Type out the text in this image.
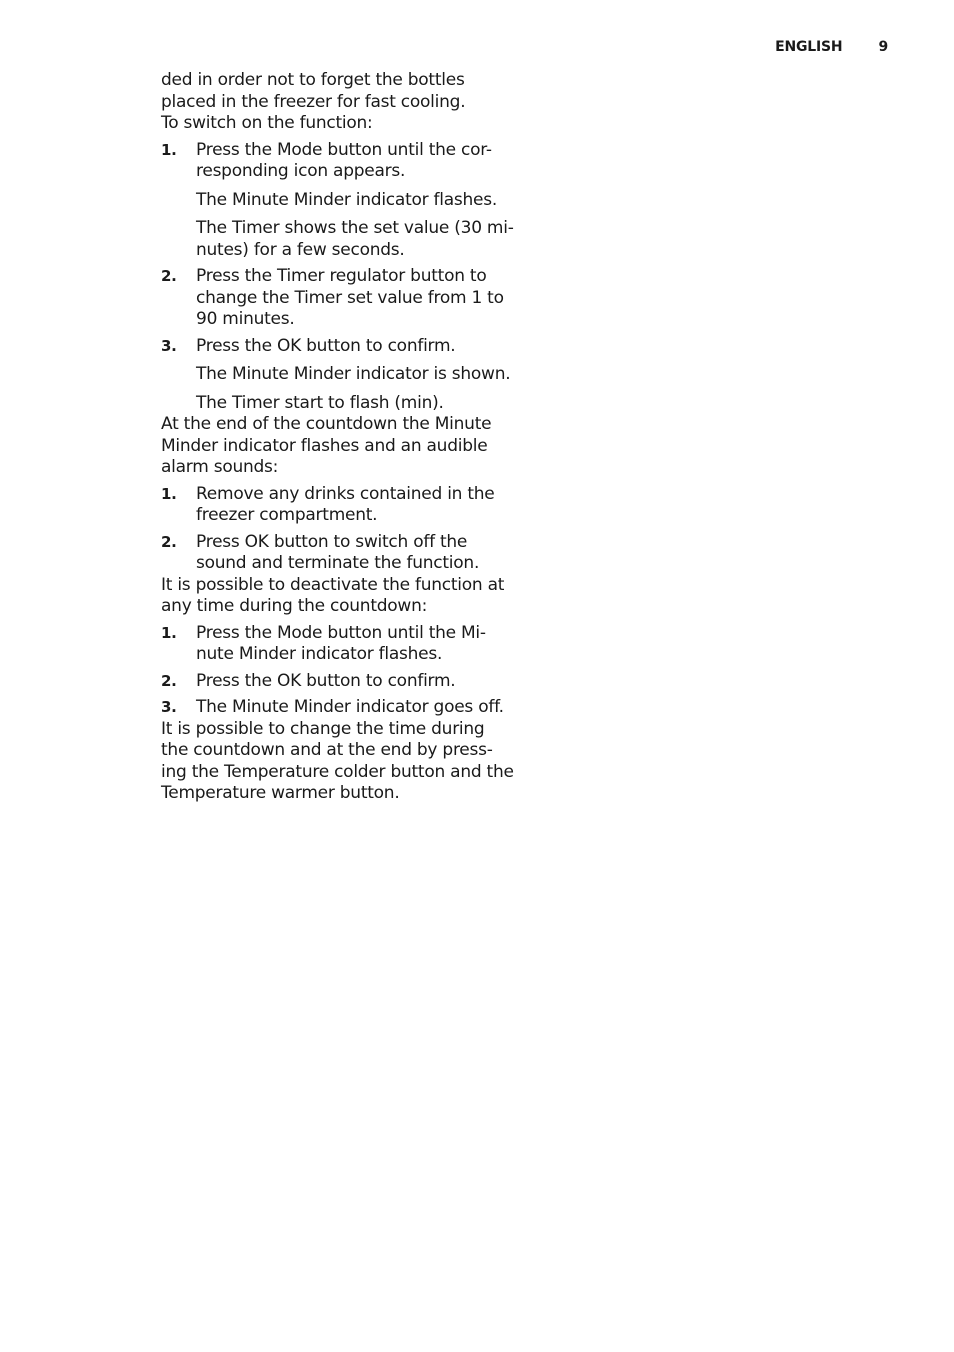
ENGLISH	9

ded in order not to forget the bottles placed in the freezer for fast cooling.

To switch on the function:

1. Press the Mode button until the cor-responding icon appears.
The Minute Minder indicator flashes.
The Timer shows the set value (30 mi-nutes) for a few seconds.
2. Press the Timer regulator button to change the Timer set value from 1 to 90 minutes.
3. Press the OK button to confirm.
The Minute Minder indicator is shown.
The Timer start to flash (min).

At the end of the countdown the Minute Minder indicator flashes and an audible alarm sounds:

1. Remove any drinks contained in the freezer compartment.
2. Press OK button to switch off the sound and terminate the function.

It is possible to deactivate the function at any time during the countdown:

1. Press the Mode button until the Mi-nute Minder indicator flashes.
2. Press the OK button to confirm.
3. The Minute Minder indicator goes off.

It is possible to change the time during the countdown and at the end by press-ing the Temperature colder button and the Temperature warmer button.
